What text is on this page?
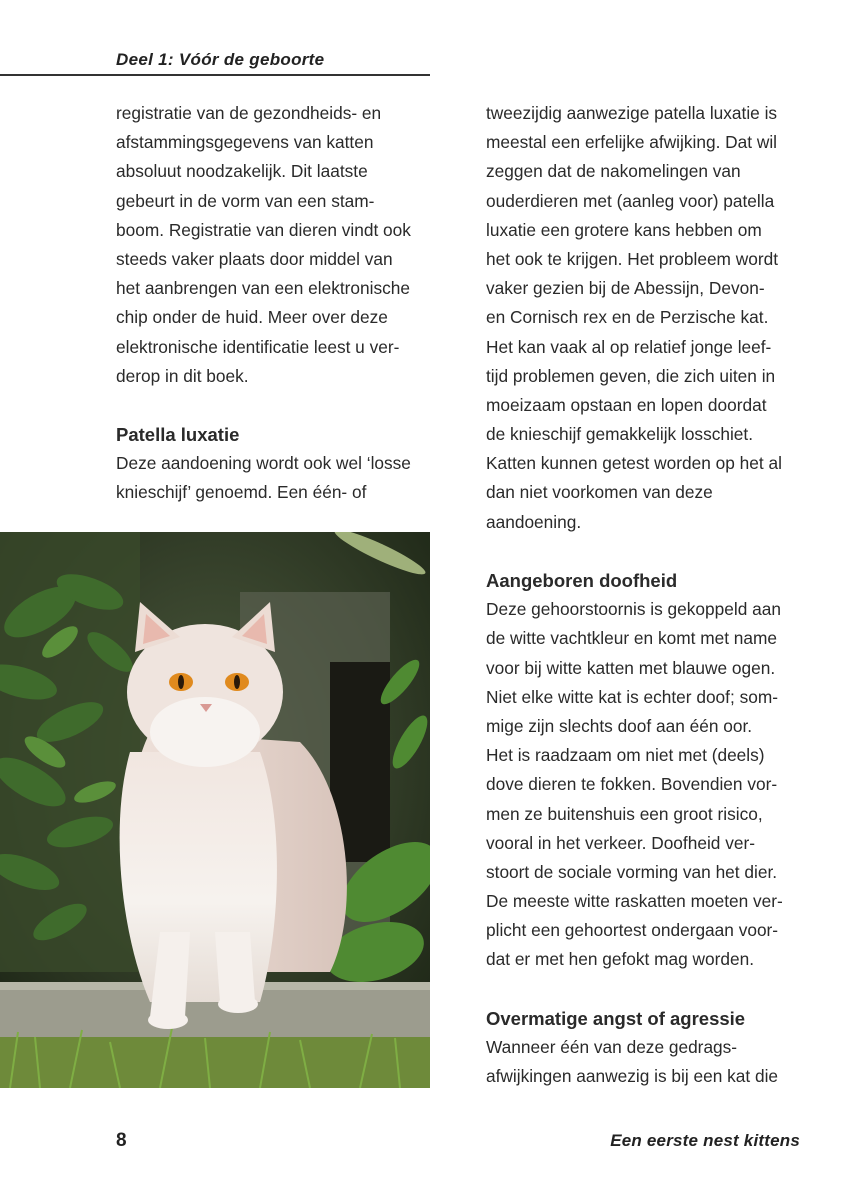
Deel 1: Vóór de geboorte
registratie van de gezondheids- en
afstammingsgegevens van katten
absoluut noodzakelijk. Dit laatste
gebeurt in de vorm van een stam-
boom. Registratie van dieren vindt ook
steeds vaker plaats door middel van
het aanbrengen van een elektronische
chip onder de huid. Meer over deze
elektronische identificatie leest u ver-
derop in dit boek.
Patella luxatie
Deze aandoening wordt ook wel ‘losse
knieschijf’ genoemd. Een één- of
tweezijdig aanwezige patella luxatie is
meestal een erfelijke afwijking. Dat wil
zeggen dat de nakomelingen van
ouderdieren met (aanleg voor) patella
luxatie een grotere kans hebben om
het ook te krijgen. Het probleem wordt
vaker gezien bij de Abessijn, Devon-
en Cornisch rex en de Perzische kat.
Het kan vaak al op relatief jonge leef-
tijd problemen geven, die zich uiten in
moeizaam opstaan en lopen doordat
de knieschijf gemakkelijk losschiet.
Katten kunnen getest worden op het al
dan niet voorkomen van deze
aandoening.
Aangeboren doofheid
Deze gehoorstoornis is gekoppeld aan
de witte vachtkleur en komt met name
voor bij witte katten met blauwe ogen.
Niet elke witte kat is echter doof; som-
mige zijn slechts doof aan één oor.
Het is raadzaam om niet met (deels)
dove dieren te fokken. Bovendien vor-
men ze buitenshuis een groot risico,
vooral in het verkeer. Doofheid ver-
stoort de sociale vorming van het dier.
De meeste witte raskatten moeten ver-
plicht een gehoortest ondergaan voor-
dat er met hen gefokt mag worden.
Overmatige angst of agressie
Wanneer één van deze gedrags-
afwijkingen aanwezig is bij een kat die
8	Een eerste nest kittens
